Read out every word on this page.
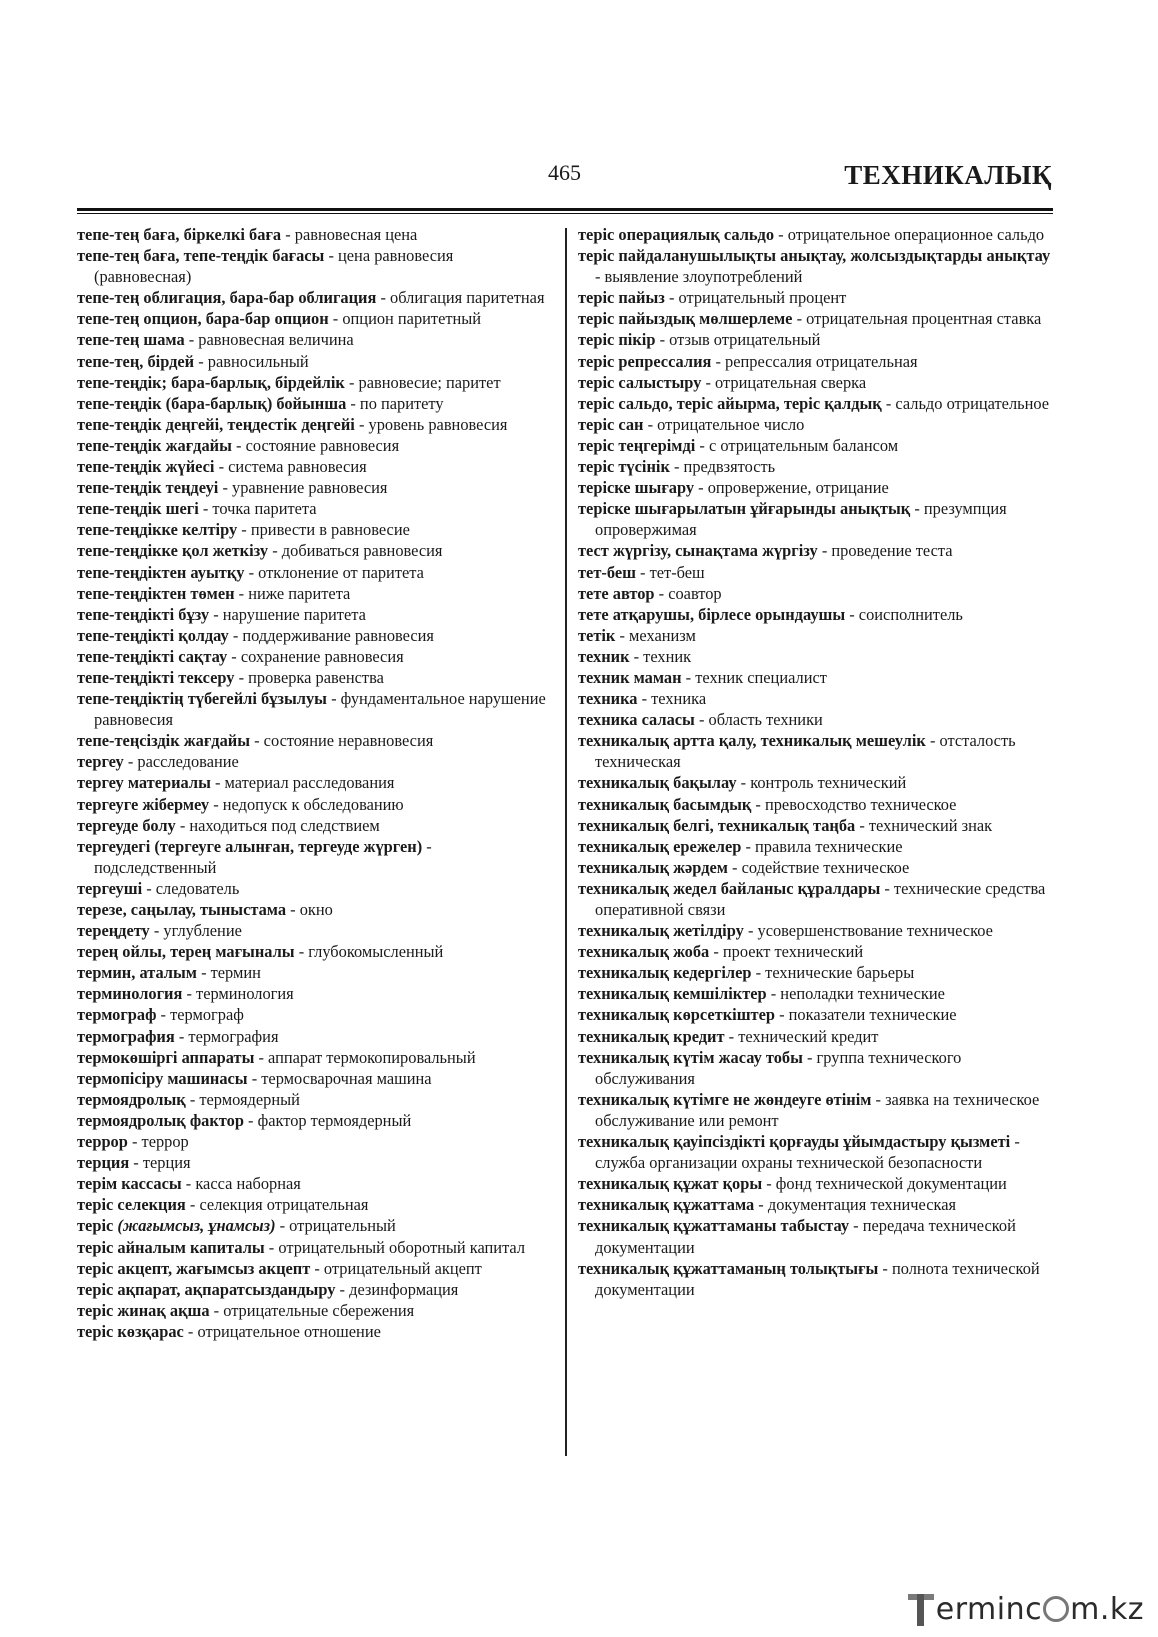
465	ТЕХНИКАЛЫҚ
тепе-тең баға, біркелкі баға - равновесная цена
тепе-тең баға, тепе-теңдік бағасы - цена равновесия (равновесная)
тепе-тең облигация, бара-бар облигация - облигация паритетная
тепе-тең опцион, бара-бар опцион - опцион паритетный
тепе-тең шама - равновесная величина
тепе-тең, бірдей - равносильный
тепе-теңдік; бара-барлық, бірдейлік - равновесие; паритет
тепе-теңдік (бара-барлық) бойынша - по паритету
тепе-теңдік деңгейі, теңдестік деңгейі - уровень равновесия
тепе-теңдік жағдайы - состояние равновесия
тепе-теңдік жүйесі - система равновесия
тепе-теңдік теңдеуі - уравнение равновесия
тепе-теңдік шегі - точка паритета
тепе-теңдікке келтіру - привести в равновесие
тепе-теңдікке қол жеткізу - добиваться равновесия
тепе-теңдіктен ауытқу - отклонение от паритета
тепе-теңдіктен төмен - ниже паритета
тепе-теңдікті бұзу - нарушение паритета
тепе-теңдікті қолдау - поддерживание равновесия
тепе-теңдікті сақтау - сохранение равновесия
тепе-теңдікті тексеру - проверка равенства
тепе-теңдіктің түбегейлі бұзылуы - фундаментальное нарушение равновесия
тепе-теңсіздік жағдайы - состояние неравновесия
тергеу - расследование
тергеу материалы - материал расследования
тергеуге жібермеу - недопуск к обследованию
тергеуде болу - находиться под следствием
тергеудегі (тергеуге алынған, тергеуде жүрген) - подследственный
тергеуші - следователь
терезе, саңылау, тыныстама - окно
тереңдету - углубление
терең ойлы, терең мағыналы - глубокомысленный
термин, аталым - термин
терминология - терминология
термограф - термограф
термография - термография
термокөшіргі аппараты - аппарат термокопировальный
термопісіру машинасы - термосварочная машина
термоядролық - термоядерный
термоядролық фактор - фактор термоядерный
террор - террор
терция - терция
терім кассасы - касса наборная
теріс селекция - селекция отрицательная
теріс (жағымсыз, ұнамсыз) - отрицательный
теріс айналым капиталы - отрицательный оборотный капитал
теріс акцепт, жағымсыз акцепт - отрицательный акцепт
теріс ақпарат, ақпаратсыздандыру - дезинформация
теріс жинақ ақша - отрицательные сбережения
теріс көзқарас - отрицательное отношение
теріс операциялық сальдо - отрицательное операционное сальдо
теріс пайдаланушылықты анықтау, жолсыздықтарды анықтау - выявление злоупотреблений
теріс пайыз - отрицательный процент
теріс пайыздық мөлшерлеме - отрицательная процентная ставка
теріс пікір - отзыв отрицательный
теріс репрессалия - репрессалия отрицательная
теріс салыстыру - отрицательная сверка
теріс сальдо, теріс айырма, теріс қалдық - сальдо отрицательное
теріс сан - отрицательное число
теріс теңгерімді - с отрицательным балансом
теріс түсінік - предвзятость
теріске шығару - опровержение, отрицание
теріске шығарылатын ұйғарынды анықтық - презумпция опровержимая
тест жүргізу, сынақтама жүргізу - проведение теста
тет-беш - тет-беш
тете автор - соавтор
тете атқарушы, бірлесе орындаушы - соисполнитель
тетік - механизм
техник - техник
техник маман - техник специалист
техника - техника
техника саласы - область техники
техникалық артта қалу, техникалық мешеулік - отсталость техническая
техникалық бақылау - контроль технический
техникалық басымдық - превосходство техническое
техникалық белгі, техникалық таңба - технический знак
техникалық ережелер - правила технические
техникалық жәрдем - содействие техническое
техникалық жедел байланыс құралдары - технические средства оперативной связи
техникалық жетілдіру - усовершенствование техническое
техникалық жоба - проект технический
техникалық кедергілер - технические барьеры
техникалық кемшіліктер - неполадки технические
техникалық көрсеткіштер - показатели технические
техникалық кредит - технический кредит
техникалық күтім жасау тобы - группа технического обслуживания
техникалық күтімге не жөндеуге өтінім - заявка на техническое обслуживание или ремонт
техникалық қауіпсіздікті қорғауды ұйымдастыру қызметі - служба организации охраны технической безопасности
техникалық құжат қоры - фонд технической документации
техникалық құжаттама - документация техническая
техникалық құжаттаманы табыстау - передача технической документации
техникалық құжаттаманың толықтығы - полнота технической документации
erminc m.kz
